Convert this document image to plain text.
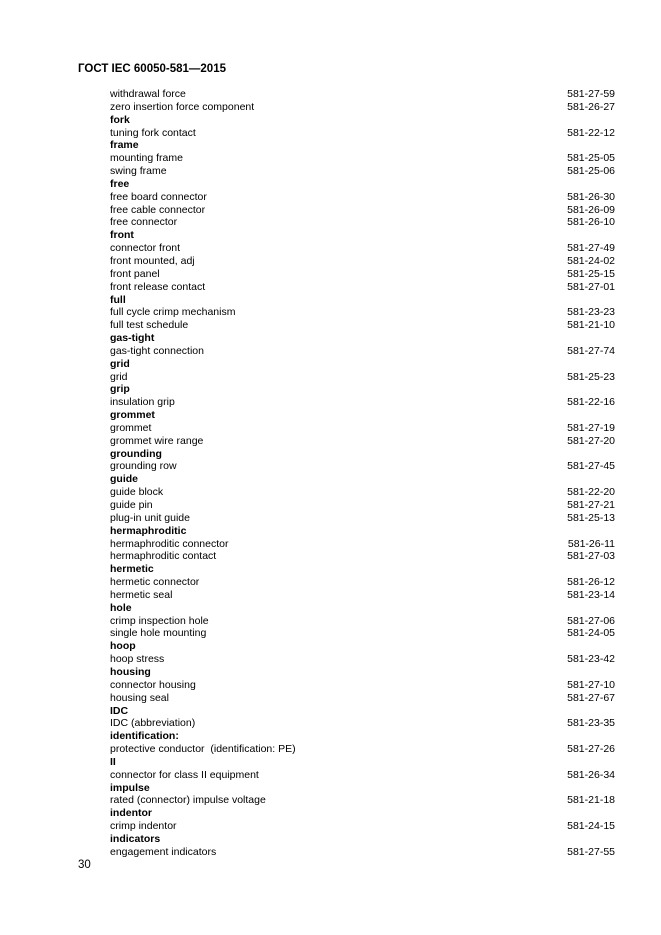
ГОСТ IEC 60050-581—2015
withdrawal force	581-27-59
zero insertion force component	581-26-27
fork
tuning fork contact	581-22-12
frame
mounting frame	581-25-05
swing frame	581-25-06
free
free board connector	581-26-30
free cable connector	581-26-09
free connector	581-26-10
front
connector front	581-27-49
front mounted, adj	581-24-02
front panel	581-25-15
front release contact	581-27-01
full
full cycle crimp mechanism	581-23-23
full test schedule	581-21-10
gas-tight
gas-tight connection	581-27-74
grid
grid	581-25-23
grip
insulation grip	581-22-16
grommet
grommet	581-27-19
grommet wire range	581-27-20
grounding
grounding row	581-27-45
guide
guide block	581-22-20
guide pin	581-27-21
plug-in unit guide	581-25-13
hermaphroditic
hermaphroditic connector	581-26-11
hermaphroditic contact	581-27-03
hermetic
hermetic connector	581-26-12
hermetic seal	581-23-14
hole
crimp inspection hole	581-27-06
single hole mounting	581-24-05
hoop
hoop stress	581-23-42
housing
connector housing	581-27-10
housing seal	581-27-67
IDC
IDC (abbreviation)	581-23-35
identification:
protective conductor  (identification: PE)	581-27-26
II
connector for class II equipment	581-26-34
impulse
rated (connector) impulse voltage	581-21-18
indentor
crimp indentor	581-24-15
indicators
engagement indicators	581-27-55
30
